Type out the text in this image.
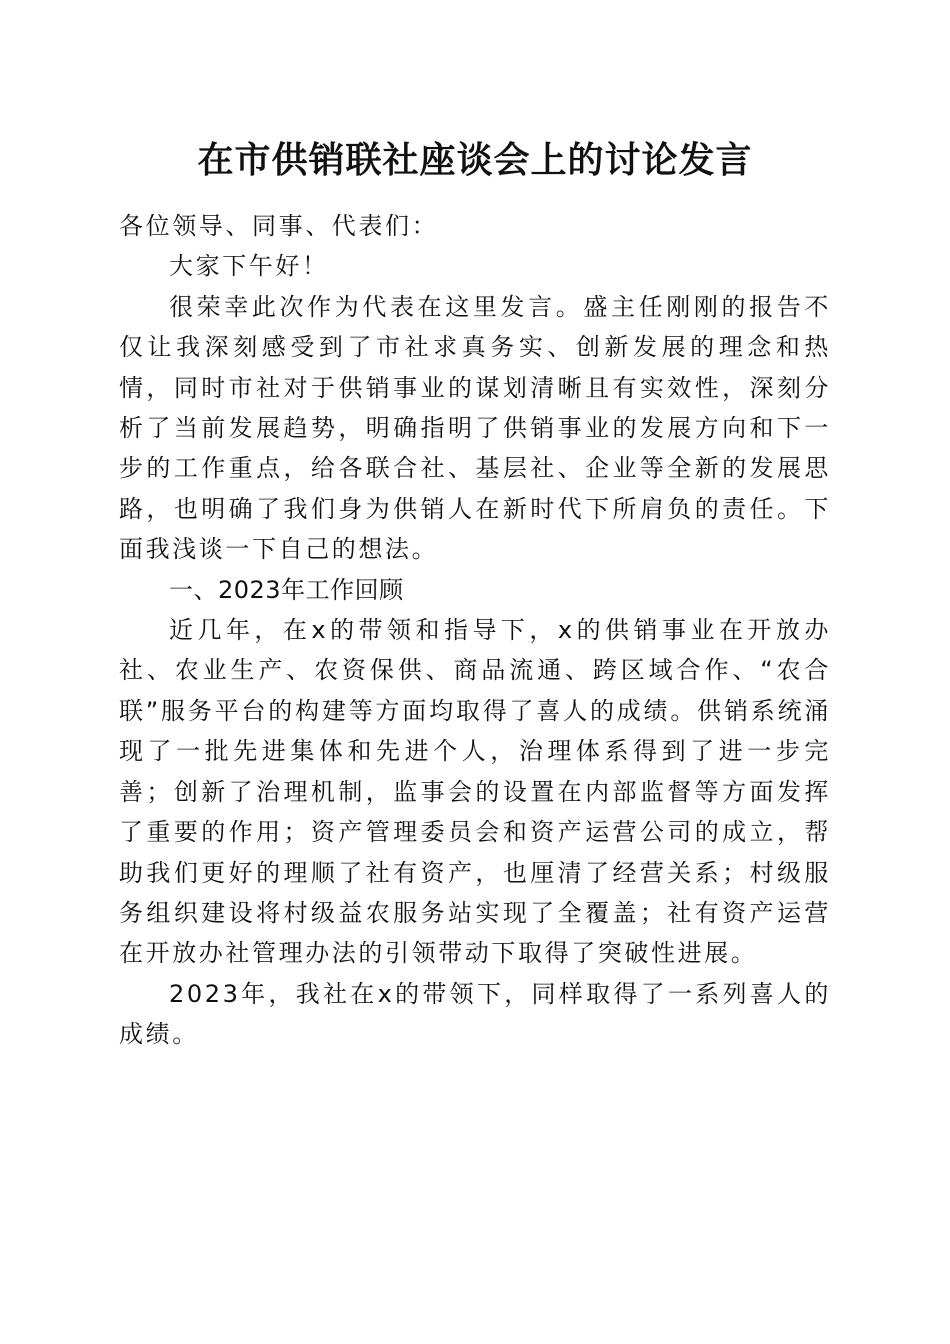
在市供销联社座谈会上的讨论发言

各位领导、同事、代表们：

大家下午好！

很荣幸此次作为代表在这里发言。盛主任刚刚的报告不仅让我深刻感受到了市社求真务实、创新发展的理念和热情，同时市社对于供销事业的谋划清晰且有实效性，深刻分析了当前发展趋势，明确指明了供销事业的发展方向和下一步的工作重点，给各联合社、基层社、企业等全新的发展思路，也明确了我们身为供销人在新时代下所肩负的责任。下面我浅谈一下自己的想法。

一、2023年工作回顾

近几年，在x的带领和指导下，x的供销事业在开放办社、农业生产、农资保供、商品流通、跨区域合作、“农合联”服务平台的构建等方面均取得了喜人的成绩。供销系统涌现了一批先进集体和先进个人，治理体系得到了进一步完善；创新了治理机制，监事会的设置在内部监督等方面发挥了重要的作用；资产管理委员会和资产运营公司的成立，帮助我们更好的理顺了社有资产，也厘清了经营关系；村级服务组织建设将村级益农服务站实现了全覆盖；社有资产运营在开放办社管理办法的引领带动下取得了突破性进展。

2023年，我社在x的带领下，同样取得了一系列喜人的成绩。
